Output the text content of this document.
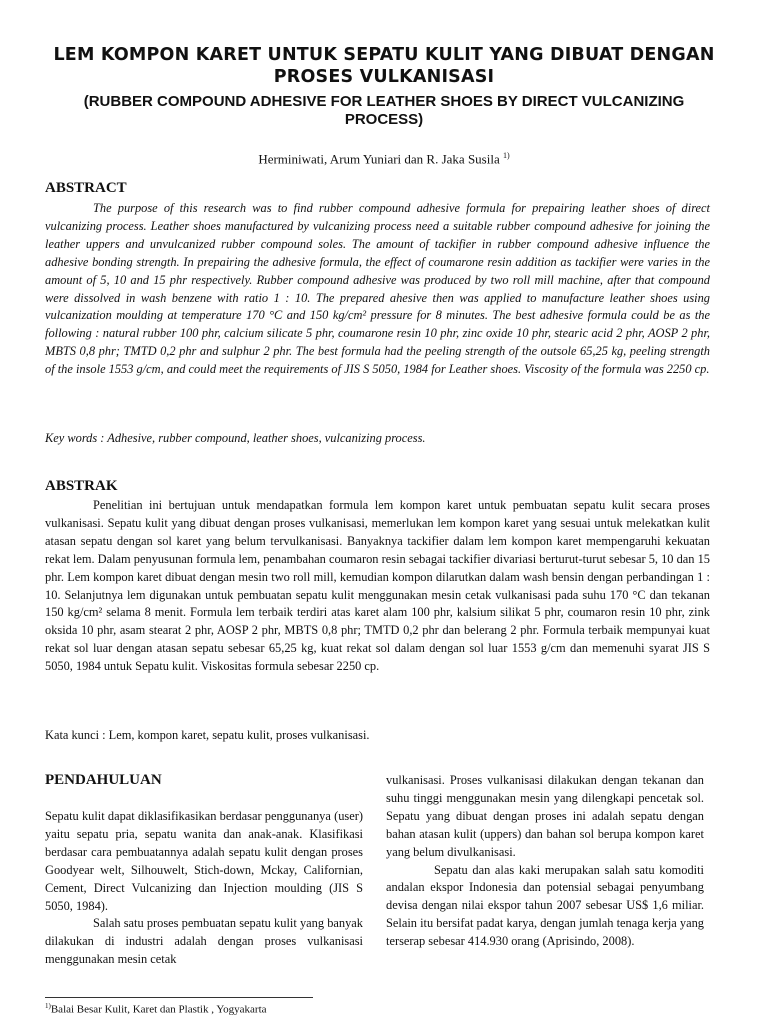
LEM KOMPON KARET UNTUK SEPATU KULIT YANG DIBUAT DENGAN PROSES VULKANISASI
(RUBBER COMPOUND ADHESIVE FOR LEATHER SHOES BY DIRECT VULCANIZING PROCESS)
Herminiwati, Arum Yuniari dan R. Jaka Susila $^{1)}$
ABSTRACT

The purpose of this research was to find rubber compound adhesive formula for prepairing leather shoes of direct vulcanizing process. Leather shoes manufactured by vulcanizing process need a suitable rubber compound adhesive for joining the leather uppers and unvulcanized rubber compound soles. The amount of tackifier in rubber compound adhesive influence the adhesive bonding strength. In prepairing the adhesive formula, the effect of coumarone resin addition as tackifier were varies in the amount of 5, 10 and 15 phr respectively. Rubber compound adhesive was produced by two roll mill machine, after that compound were dissolved in wash benzene with ratio 1 : 10. The prepared ahesive then was applied to manufacture leather shoes using vulcanization moulding at temperature 170 °C and 150 kg/cm² pressure for 8 minutes. The best adhesive formula could be as the following : natural rubber 100 phr, calcium silicate 5 phr, coumarone resin 10 phr, zinc oxide 10 phr, stearic acid 2 phr, AOSP 2 phr, MBTS 0,8 phr; TMTD 0,2 phr and sulphur 2 phr. The best formula had the peeling strength of the outsole 65,25 kg, peeling strength of the insole 1553 g/cm, and could meet the requirements of JIS S 5050, 1984 for Leather shoes. Viscosity of the formula was 2250 cp.

Key words : Adhesive, rubber compound, leather shoes, vulcanizing process.
ABSTRAK

Penelitian ini bertujuan untuk mendapatkan formula lem kompon karet untuk pembuatan sepatu kulit secara proses vulkanisasi. Sepatu kulit yang dibuat dengan proses vulkanisasi, memerlukan lem kompon karet yang sesuai untuk melekatkan kulit atasan sepatu dengan sol karet yang belum tervulkanisasi. Banyaknya tackifier dalam lem kompon karet mempengaruhi kekuatan rekat lem. Dalam penyusunan formula lem, penambahan coumaron resin sebagai tackifier divariasi berturut-turut sebesar 5, 10 dan 15 phr. Lem kompon karet dibuat dengan mesin two roll mill, kemudian kompon dilarutkan dalam wash bensin dengan perbandingan 1 : 10. Selanjutnya lem digunakan untuk pembuatan sepatu kulit menggunakan mesin cetak vulkanisasi pada suhu 170 °C dan tekanan 150 kg/cm² selama 8 menit. Formula lem terbaik terdiri atas karet alam 100 phr, kalsium silikat 5 phr, coumaron resin 10 phr, zink oksida 10 phr, asam stearat 2 phr, AOSP 2 phr, MBTS 0,8 phr; TMTD 0,2 phr dan belerang 2 phr. Formula terbaik mempunyai kuat rekat sol luar dengan atasan sepatu sebesar 65,25 kg, kuat rekat sol dalam dengan sol luar 1553 g/cm dan memenuhi syarat JIS S 5050, 1984 untuk Sepatu kulit. Viskositas formula sebesar 2250 cp.

Kata kunci : Lem, kompon karet, sepatu kulit, proses vulkanisasi.
PENDAHULUAN

Sepatu kulit dapat diklasifikasikan berdasar penggunanya (user) yaitu sepatu pria, sepatu wanita dan anak-anak. Klasifikasi berdasar cara pembuatannya adalah sepatu kulit dengan proses Goodyear welt, Silhouwelt, Stich-down, Mckay, Californian, Cement, Direct Vulcanizing dan Injection moulding (JIS S 5050, 1984).

Salah satu proses pembuatan sepatu kulit yang banyak dilakukan di industri adalah dengan proses vulkanisasi menggunakan mesin cetak

vulkanisasi. Proses vulkanisasi dilakukan dengan tekanan dan suhu tinggi menggunakan mesin yang dilengkapi pencetak sol. Sepatu yang dibuat dengan proses ini adalah sepatu dengan bahan atasan kulit (uppers) dan bahan sol berupa kompon karet yang belum divulkanisasi.

Sepatu dan alas kaki merupakan salah satu komoditi andalan ekspor Indonesia dan potensial sebagai penyumbang devisa dengan nilai ekspor tahun 2007 sebesar US$ 1,6 miliar. Selain itu bersifat padat karya, dengan jumlah tenaga kerja yang terserap sebesar 414.930 orang (Aprisindo, 2008).

$^{1)}$Balai Besar Kulit, Karet dan Plastik , Yogyakarta
